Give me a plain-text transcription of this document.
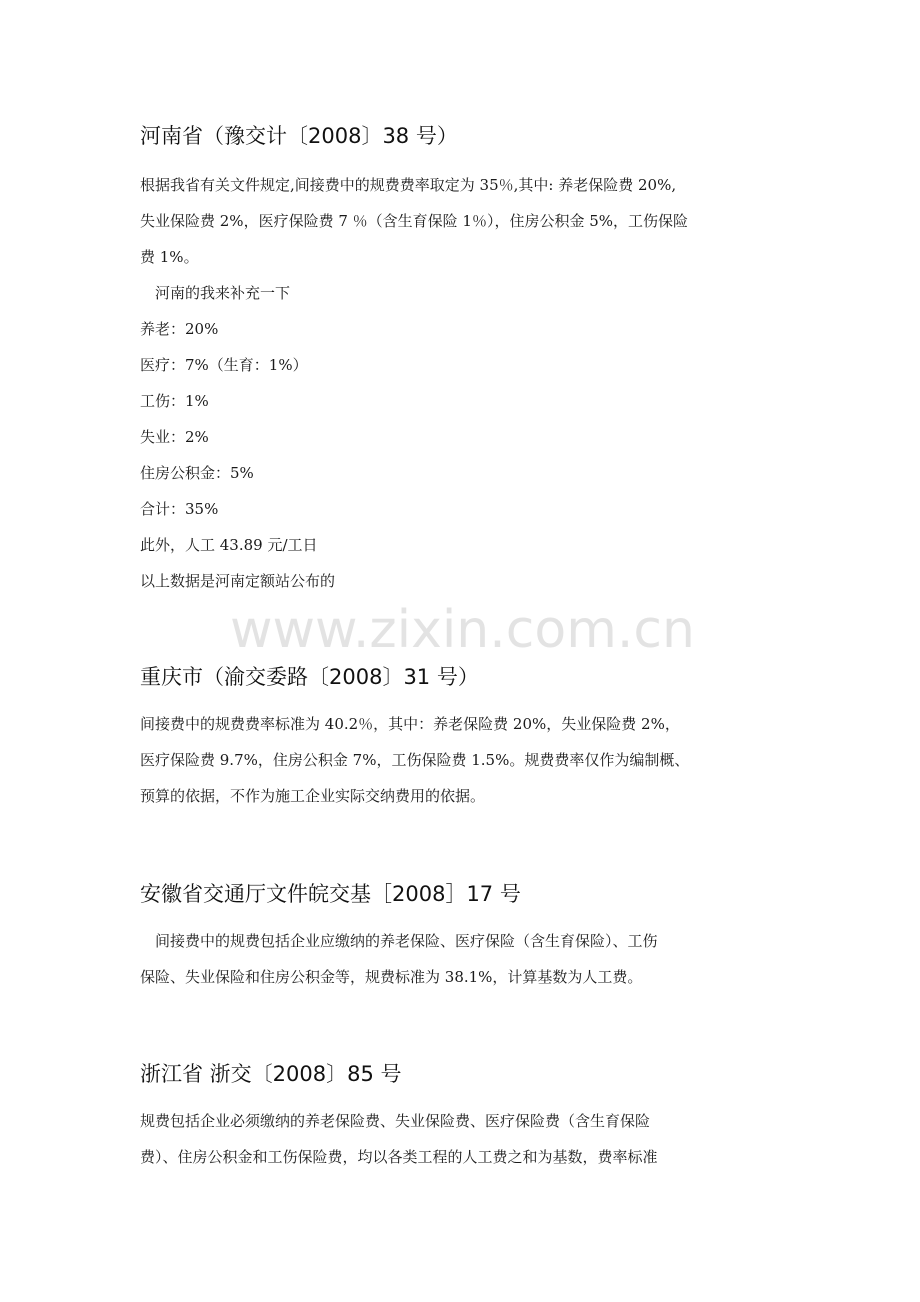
www.zixin.com.cn
河南省（豫交计〔2008〕38 号）
根据我省有关文件规定,间接费中的规费费率取定为 35％,其中: 养老保险费 20%,
失业保险费 2%，医疗保险费 7 ％（含生育保险 1％），住房公积金 5%，工伤保险
费 1%。
　河南的我来补充一下
养老：20%
医疗：7%（生育：1%）
工伤：1%
失业：2%
住房公积金：5%
合计：35%
此外，人工 43.89 元/工日
以上数据是河南定额站公布的
重庆市（渝交委路〔2008〕31 号）
间接费中的规费费率标准为 40.2％，其中：养老保险费 20%，失业保险费 2%，
医疗保险费 9.7%，住房公积金 7%，工伤保险费 1.5%。规费费率仅作为编制概、
预算的依据，不作为施工企业实际交纳费用的依据。
安徽省交通厅文件皖交基［2008］17 号
　间接费中的规费包括企业应缴纳的养老保险、医疗保险（含生育保险）、工伤
保险、失业保险和住房公积金等，规费标准为 38.1%，计算基数为人工费。
浙江省 浙交〔2008〕85 号
规费包括企业必须缴纳的养老保险费、失业保险费、医疗保险费（含生育保险
费）、住房公积金和工伤保险费，均以各类工程的人工费之和为基数，费率标准
